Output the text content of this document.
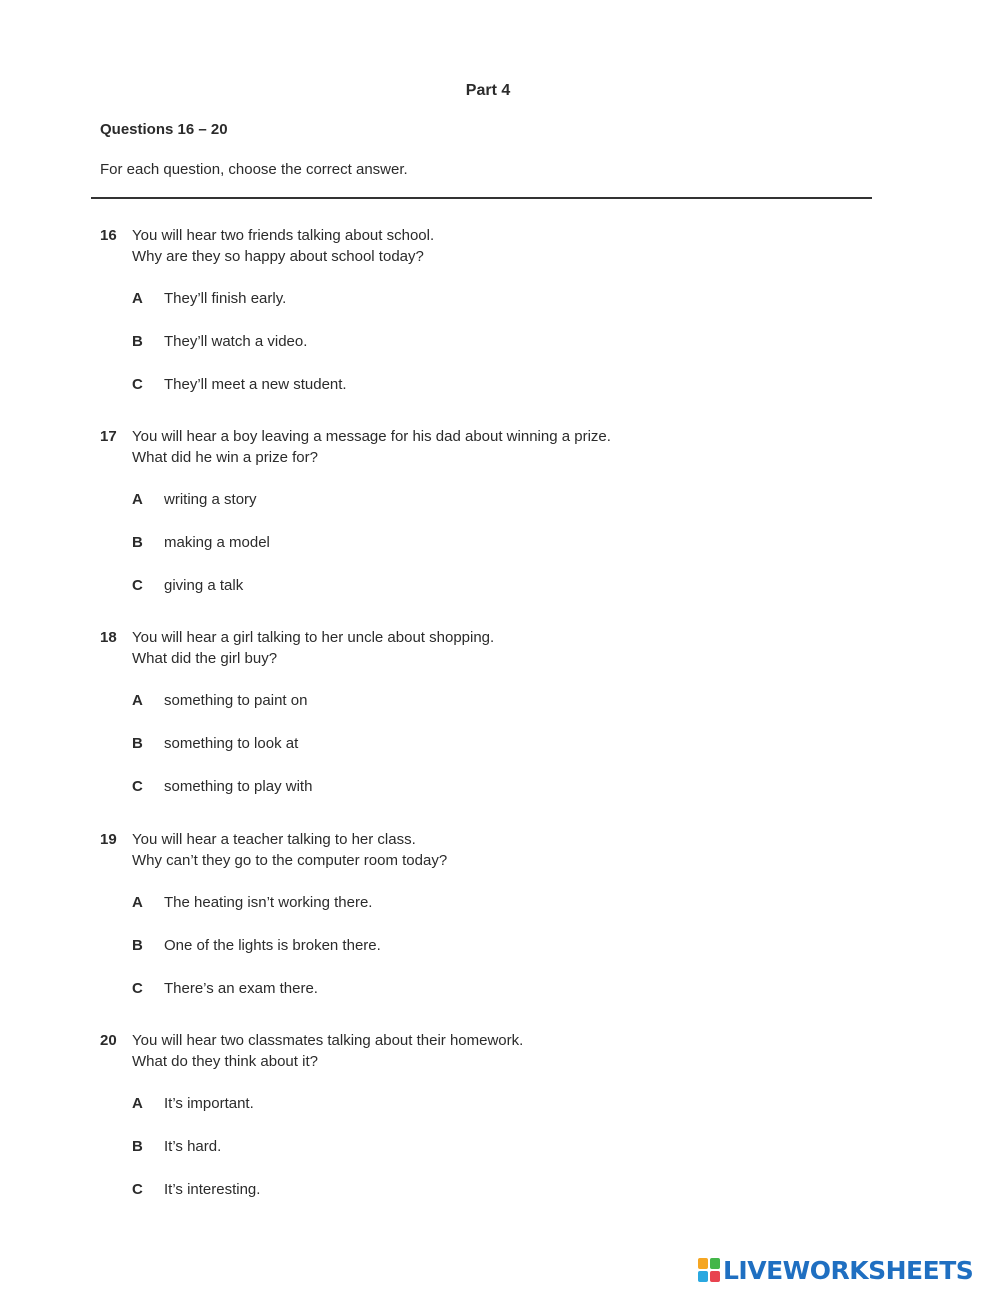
Part 4
Questions 16 – 20
For each question, choose the correct answer.
16 You will hear two friends talking about school.
Why are they so happy about school today?
A They’ll finish early.
B They’ll watch a video.
C They’ll meet a new student.
17 You will hear a boy leaving a message for his dad about winning a prize.
What did he win a prize for?
A writing a story
B making a model
C giving a talk
18 You will hear a girl talking to her uncle about shopping.
What did the girl buy?
A something to paint on
B something to look at
C something to play with
19 You will hear a teacher talking to her class.
Why can’t they go to the computer room today?
A The heating isn’t working there.
B One of the lights is broken there.
C There’s an exam there.
20 You will hear two classmates talking about their homework.
What do they think about it?
A It’s important.
B It’s hard.
C It’s interesting.
LIVEWORKSHEETS
